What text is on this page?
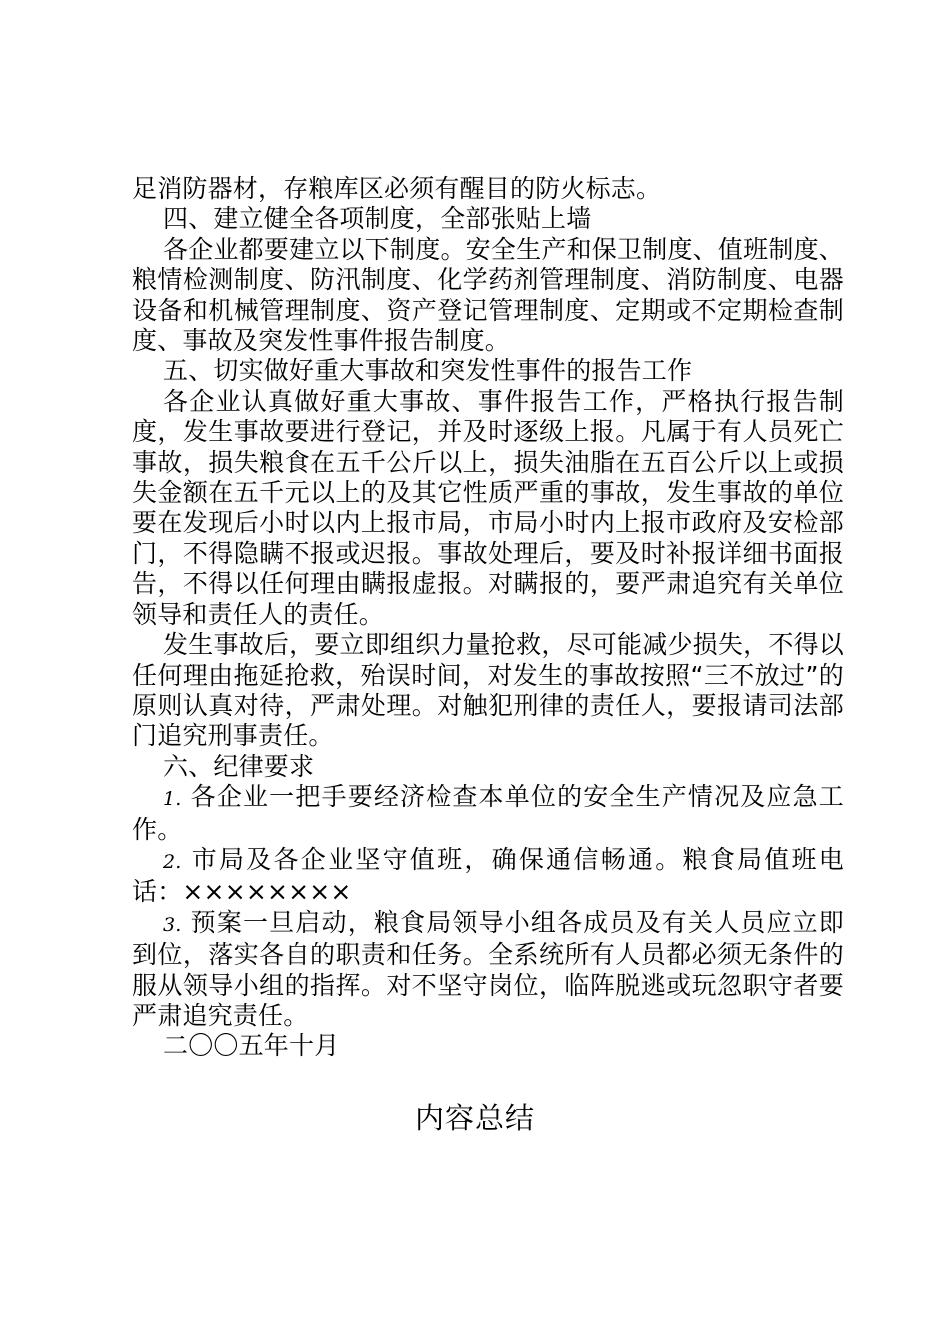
足消防器材，存粮库区必须有醒目的防火标志。

四、建立健全各项制度，全部张贴上墙

各企业都要建立以下制度。安全生产和保卫制度、值班制度、粮情检测制度、防汛制度、化学药剂管理制度、消防制度、电器设备和机械管理制度、资产登记管理制度、定期或不定期检查制度、事故及突发性事件报告制度。

五、切实做好重大事故和突发性事件的报告工作

各企业认真做好重大事故、事件报告工作，严格执行报告制度，发生事故要进行登记，并及时逐级上报。凡属于有人员死亡事故，损失粮食在五千公斤以上，损失油脂在五百公斤以上或损失金额在五千元以上的及其它性质严重的事故，发生事故的单位要在发现后小时以内上报市局，市局小时内上报市政府及安检部门，不得隐瞒不报或迟报。事故处理后，要及时补报详细书面报告，不得以任何理由瞒报虚报。对瞒报的，要严肃追究有关单位领导和责任人的责任。

发生事故后，要立即组织力量抢救，尽可能减少损失，不得以任何理由拖延抢救，殆误时间，对发生的事故按照“三不放过”的原则认真对待，严肃处理。对触犯刑律的责任人，要报请司法部门追究刑事责任。

六、纪律要求

1. 各企业一把手要经济检查本单位的安全生产情况及应急工作。

2. 市局及各企业坚守值班，确保通信畅通。粮食局值班电话：××××××××

3. 预案一旦启动，粮食局领导小组各成员及有关人员应立即到位，落实各自的职责和任务。全系统所有人员都必须无条件的服从领导小组的指挥。对不坚守岗位，临阵脱逃或玩忽职守者要严肃追究责任。

二〇〇五年十月

内容总结
